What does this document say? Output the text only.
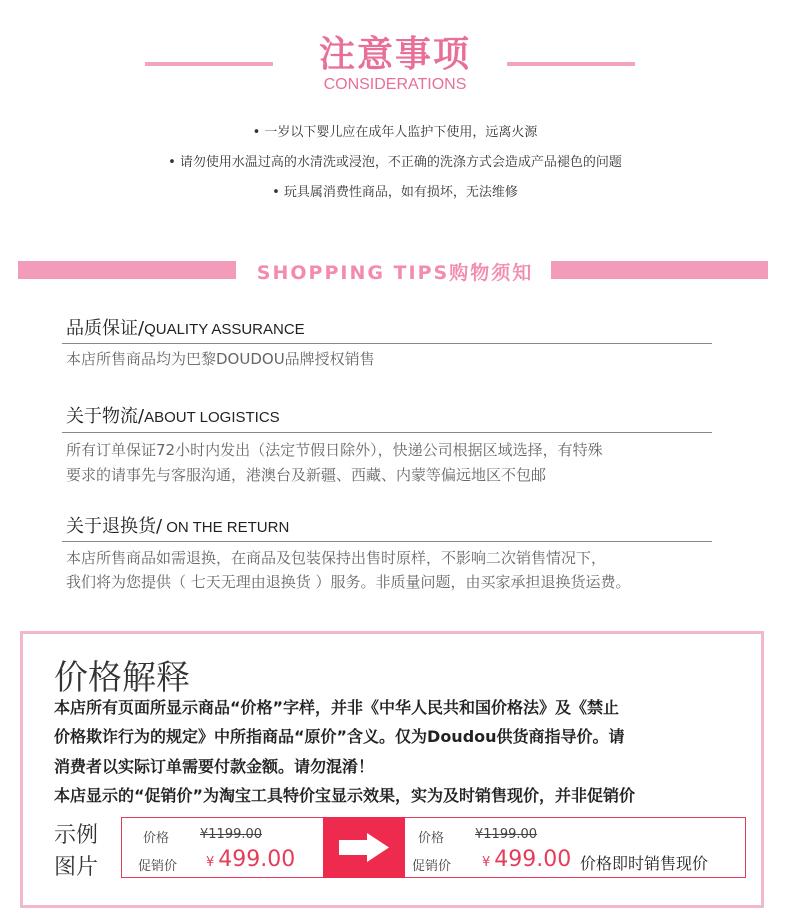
注意事项
CONSIDERATIONS
• 一岁以下婴儿应在成年人监护下使用，远离火源
• 请勿使用水温过高的水清洗或浸泡，不正确的洗涤方式会造成产品褪色的问题
• 玩具属消费性商品，如有损坏，无法维修
SHOPPING TIPS购物须知
品质保证/QUALITY ASSURANCE
本店所售商品均为巴黎DOUDOU品牌授权销售
关于物流/ABOUT LOGISTICS
所有订单保证72小时内发出（法定节假日除外），快递公司根据区域选择，有特殊
要求的请事先与客服沟通，港澳台及新疆、西藏、内蒙等偏远地区不包邮
关于退换货/ ON THE RETURN
本店所售商品如需退换，在商品及包装保持出售时原样，不影响二次销售情况下，
我们将为您提供（ 七天无理由退换货 ）服务。非质量问题，由买家承担退换货运费。
价格解释
本店所有页面所显示商品“价格”字样，并非《中华人民共和国价格法》及《禁止
价格欺诈行为的规定》中所指商品“原价”含义。仅为Doudou供货商指导价。请
消费者以实际订单需要付款金额。请勿混淆！
本店显示的“促销价”为淘宝工具特价宝显示效果，实为及时销售现价，并非促销价
示例
图片
价格 ¥1199.00
促销价 ¥ 499.00
价格 ¥1199.00
促销价 ¥ 499.00 价格即时销售现价
